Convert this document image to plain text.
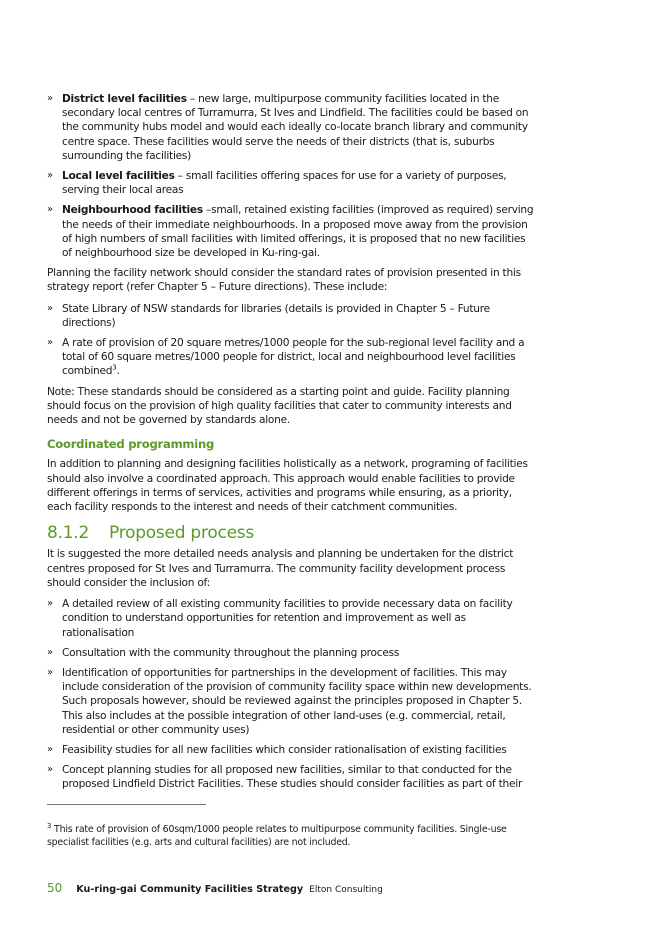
» District level facilities – new large, multipurpose community facilities located in the secondary local centres of Turramurra, St Ives and Lindfield. The facilities could be based on the community hubs model and would each ideally co-locate branch library and community centre space. These facilities would serve the needs of their districts (that is, suburbs surrounding the facilities)
» Local level facilities – small facilities offering spaces for use for a variety of purposes, serving their local areas
» Neighbourhood facilities –small, retained existing facilities (improved as required) serving the needs of their immediate neighbourhoods. In a proposed move away from the provision of high numbers of small facilities with limited offerings, it is proposed that no new facilities of neighbourhood size be developed in Ku-ring-gai.

Planning the facility network should consider the standard rates of provision presented in this strategy report (refer Chapter 5 – Future directions). These include:

» State Library of NSW standards for libraries (details is provided in Chapter 5 – Future directions)
» A rate of provision of 20 square metres/1000 people for the sub-regional level facility and a total of 60 square metres/1000 people for district, local and neighbourhood level facilities combined$^3$.

Note: These standards should be considered as a starting point and guide. Facility planning should focus on the provision of high quality facilities that cater to community interests and needs and not be governed by standards alone.

Coordinated programming

In addition to planning and designing facilities holistically as a network, programing of facilities should also involve a coordinated approach. This approach would enable facilities to provide different offerings in terms of services, activities and programs while ensuring, as a priority, each facility responds to the interest and needs of their catchment communities.

8.1.2	Proposed process

It is suggested the more detailed needs analysis and planning be undertaken for the district centres proposed for St Ives and Turramurra. The community facility development process should consider the inclusion of:

» A detailed review of all existing community facilities to provide necessary data on facility condition to understand opportunities for retention and improvement as well as rationalisation
» Consultation with the community throughout the planning process
» Identification of opportunities for partnerships in the development of facilities. This may include consideration of the provision of community facility space within new developments. Such proposals however, should be reviewed against the principles proposed in Chapter 5. This also includes at the possible integration of other land-uses (e.g. commercial, retail, residential or other community uses)
» Feasibility studies for all new facilities which consider rationalisation of existing facilities
» Concept planning studies for all proposed new facilities, similar to that conducted for the proposed Lindfield District Facilities. These studies should consider facilities as part of their
$^3$ This rate of provision of 60sqm/1000 people relates to multipurpose community facilities. Single-use specialist facilities (e.g. arts and cultural facilities) are not included.
50 Ku-ring-gai Community Facilities Strategy Elton Consulting
